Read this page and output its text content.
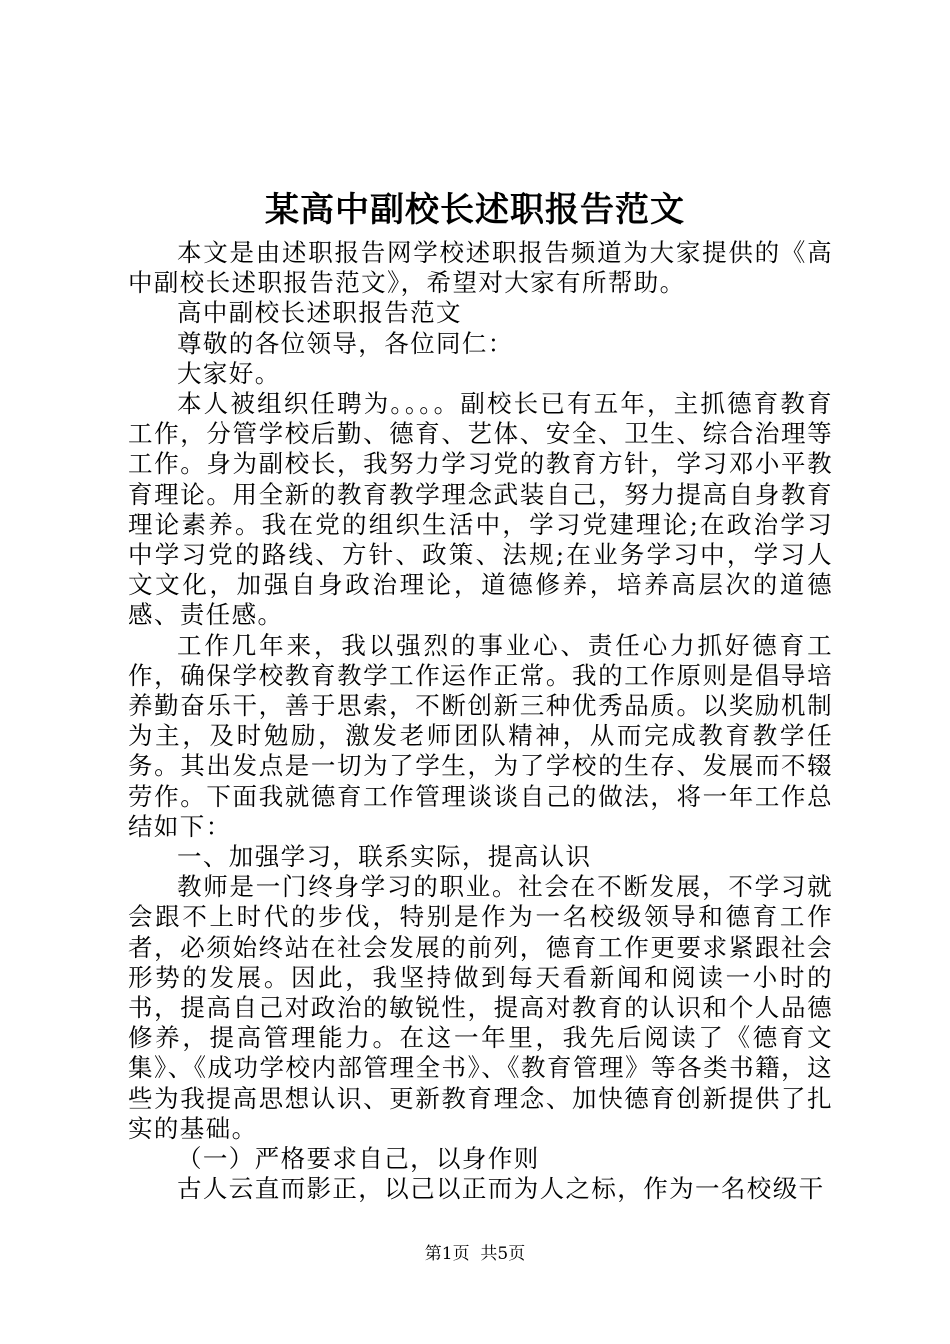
某高中副校长述职报告范文

本文是由述职报告网学校述职报告频道为大家提供的《高中副校长述职报告范文》，希望对大家有所帮助。

高中副校长述职报告范文

尊敬的各位领导，各位同仁：

大家好。

本人被组织任聘为。。。。副校长已有五年，主抓德育教育工作，分管学校后勤、德育、艺体、安全、卫生、综合治理等工作。身为副校长，我努力学习党的教育方针，学习邓小平教育理论。用全新的教育教学理念武装自己，努力提高自身教育理论素养。我在党的组织生活中，学习党建理论;在政治学习中学习党的路线、方针、政策、法规;在业务学习中，学习人文文化，加强自身政治理论，道德修养，培养高层次的道德感、责任感。

工作几年来，我以强烈的事业心、责任心力抓好德育工作，确保学校教育教学工作运作正常。我的工作原则是倡导培养勤奋乐干，善于思索，不断创新三种优秀品质。以奖励机制为主，及时勉励，激发老师团队精神，从而完成教育教学任务。其出发点是一切为了学生，为了学校的生存、发展而不辍劳作。下面我就德育工作管理谈谈自己的做法，将一年工作总结如下：

一、加强学习，联系实际，提高认识

教师是一门终身学习的职业。社会在不断发展，不学习就会跟不上时代的步伐，特别是作为一名校级领导和德育工作者，必须始终站在社会发展的前列，德育工作更要求紧跟社会形势的发展。因此，我坚持做到每天看新闻和阅读一小时的书，提高自己对政治的敏锐性，提高对教育的认识和个人品德修养，提高管理能力。在这一年里，我先后阅读了《德育文集》、《成功学校内部管理全书》、《教育管理》等各类书籍，这些为我提高思想认识、更新教育理念、加快德育创新提供了扎实的基础。

（一）严格要求自己，以身作则

古人云直而影正，以己以正而为人之标，作为一名校级干

第1页  共5页
